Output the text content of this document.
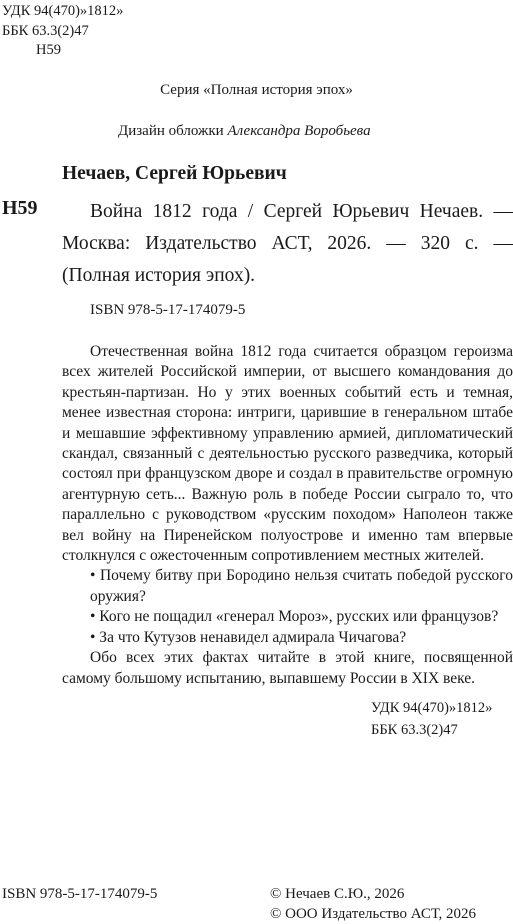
УДК 94(470)»1812»
ББК 63.3(2)47
Н59
Серия «Полная история эпох»
Дизайн обложки Александра Воробьева
Нечаев, Сергей Юрьевич
Н59	Война 1812 года / Сергей Юрьевич Нечаев. — Москва: Издательство АСТ, 2026. — 320 с. — (Полная история эпох).
ISBN 978-5-17-174079-5

Отечественная война 1812 года считается образцом героизма всех жителей Российской империи, от высшего командования до крестьян-партизан. Но у этих военных событий есть и темная, менее известная сторона: интриги, царившие в генеральном штабе и мешавшие эффективному управлению армией, дипломатический скандал, связанный с деятельностью русского разведчика, который состоял при французском дворе и создал в правительстве огромную агентурную сеть... Важную роль в победе России сыграло то, что параллельно с руководством «русским походом» Наполеон также вел войну на Пиренейском полуострове и именно там впервые столкнулся с ожесточенным сопротивлением местных жителей.

• Почему битву при Бородино нельзя считать победой русского оружия?

• Кого не пощадил «генерал Мороз», русских или французов?

• За что Кутузов ненавидел адмирала Чичагова?

Обо всех этих фактах читайте в этой книге, посвященной самому большому испытанию, выпавшему России в XIX веке.

УДК 94(470)»1812»
ББК 63.3(2)47
ISBN 978-5-17-174079-5	© Нечаев С.Ю., 2026
© ООО Издательство АСТ, 2026
